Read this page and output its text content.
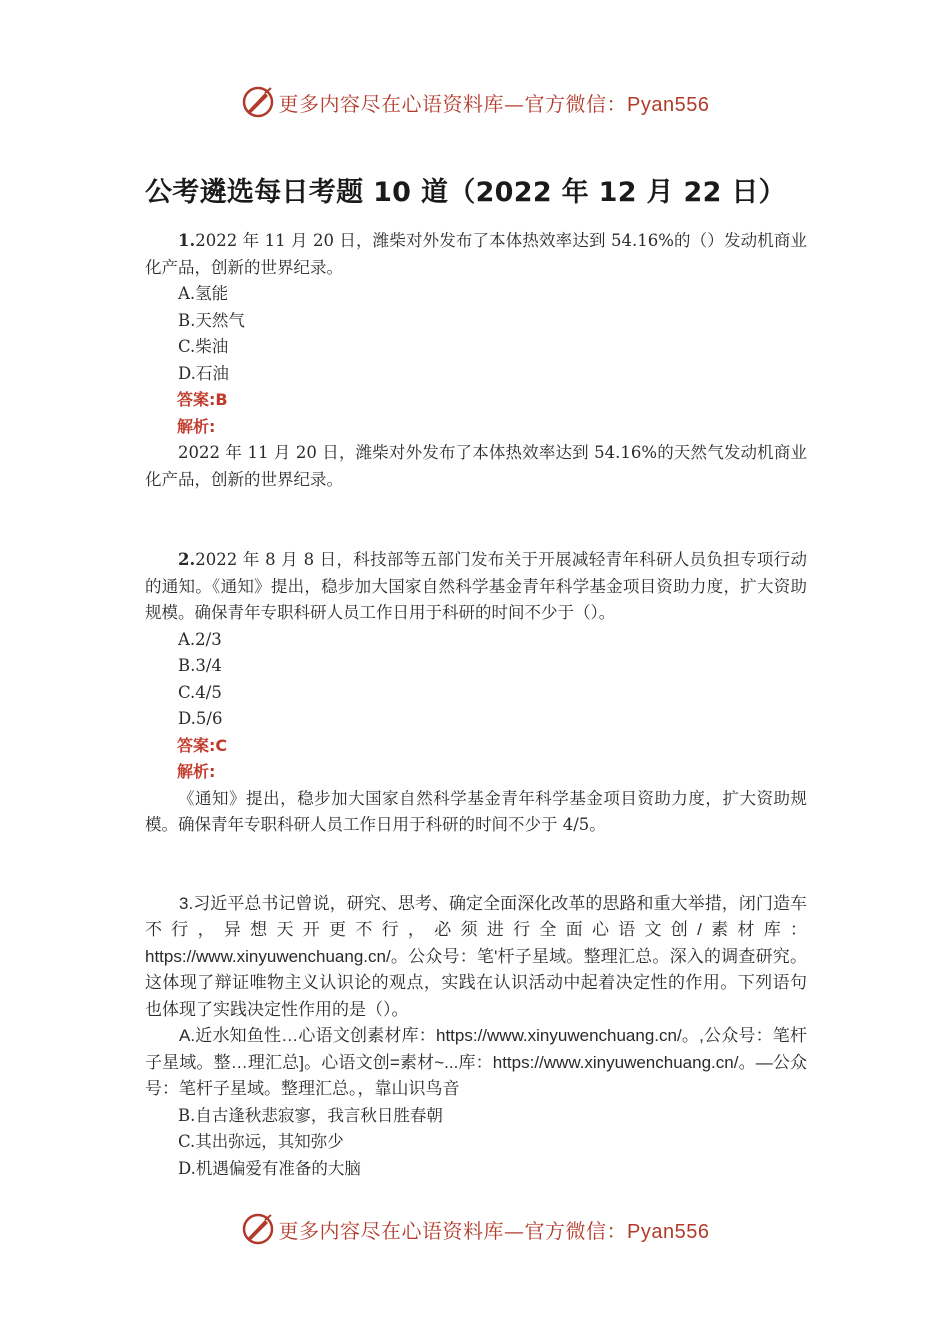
更多内容尽在心语资料库—官方微信：Pyan556
公考遴选每日考题 10 道（2022 年 12 月 22 日）

1.2022 年 11 月 20 日，潍柴对外发布了本体热效率达到 54.16%的（）发动机商业化产品，创新的世界纪录。

A.氢能

B.天然气

C.柴油

D.石油

答案:B

解析:

2022 年 11 月 20 日，潍柴对外发布了本体热效率达到 54.16%的天然气发动机商业化产品，创新的世界纪录。

2.2022 年 8 月 8 日，科技部等五部门发布关于开展减轻青年科研人员负担专项行动的通知。《通知》提出，稳步加大国家自然科学基金青年科学基金项目资助力度，扩大资助规模。确保青年专职科研人员工作日用于科研的时间不少于（）。

A.2/3

B.3/4

C.4/5

D.5/6

答案:C

解析:

《通知》提出，稳步加大国家自然科学基金青年科学基金项目资助力度，扩大资助规模。确保青年专职科研人员工作日用于科研的时间不少于 4/5。

3.习近平总书记曾说，研究、思考、确定全面深化改革的思路和重大举措，闭门造车不行，异想天开更不行，必须进行全面心语文创/素材库：https://www.xinyuwenchuang.cn/。公众号：笔'杆子星域。整理汇总。深入的调查研究。这体现了辩证唯物主义认识论的观点，实践在认识活动中起着决定性的作用。下列语句也体现了实践决定性作用的是（）。

A.近水知鱼性…心语文创素材库：https://www.xinyuwenchuang.cn/。,公众号：笔杆子星域。整…理汇总]。心语文创=素材~...库：https://www.xinyuwenchuang.cn/。—公众号：笔杆子星域。整理汇总。，靠山识鸟音

B.自古逢秋悲寂寥，我言秋日胜春朝

C.其出弥远，其知弥少

D.机遇偏爱有准备的大脑

更多内容尽在心语资料库—官方微信：Pyan556
